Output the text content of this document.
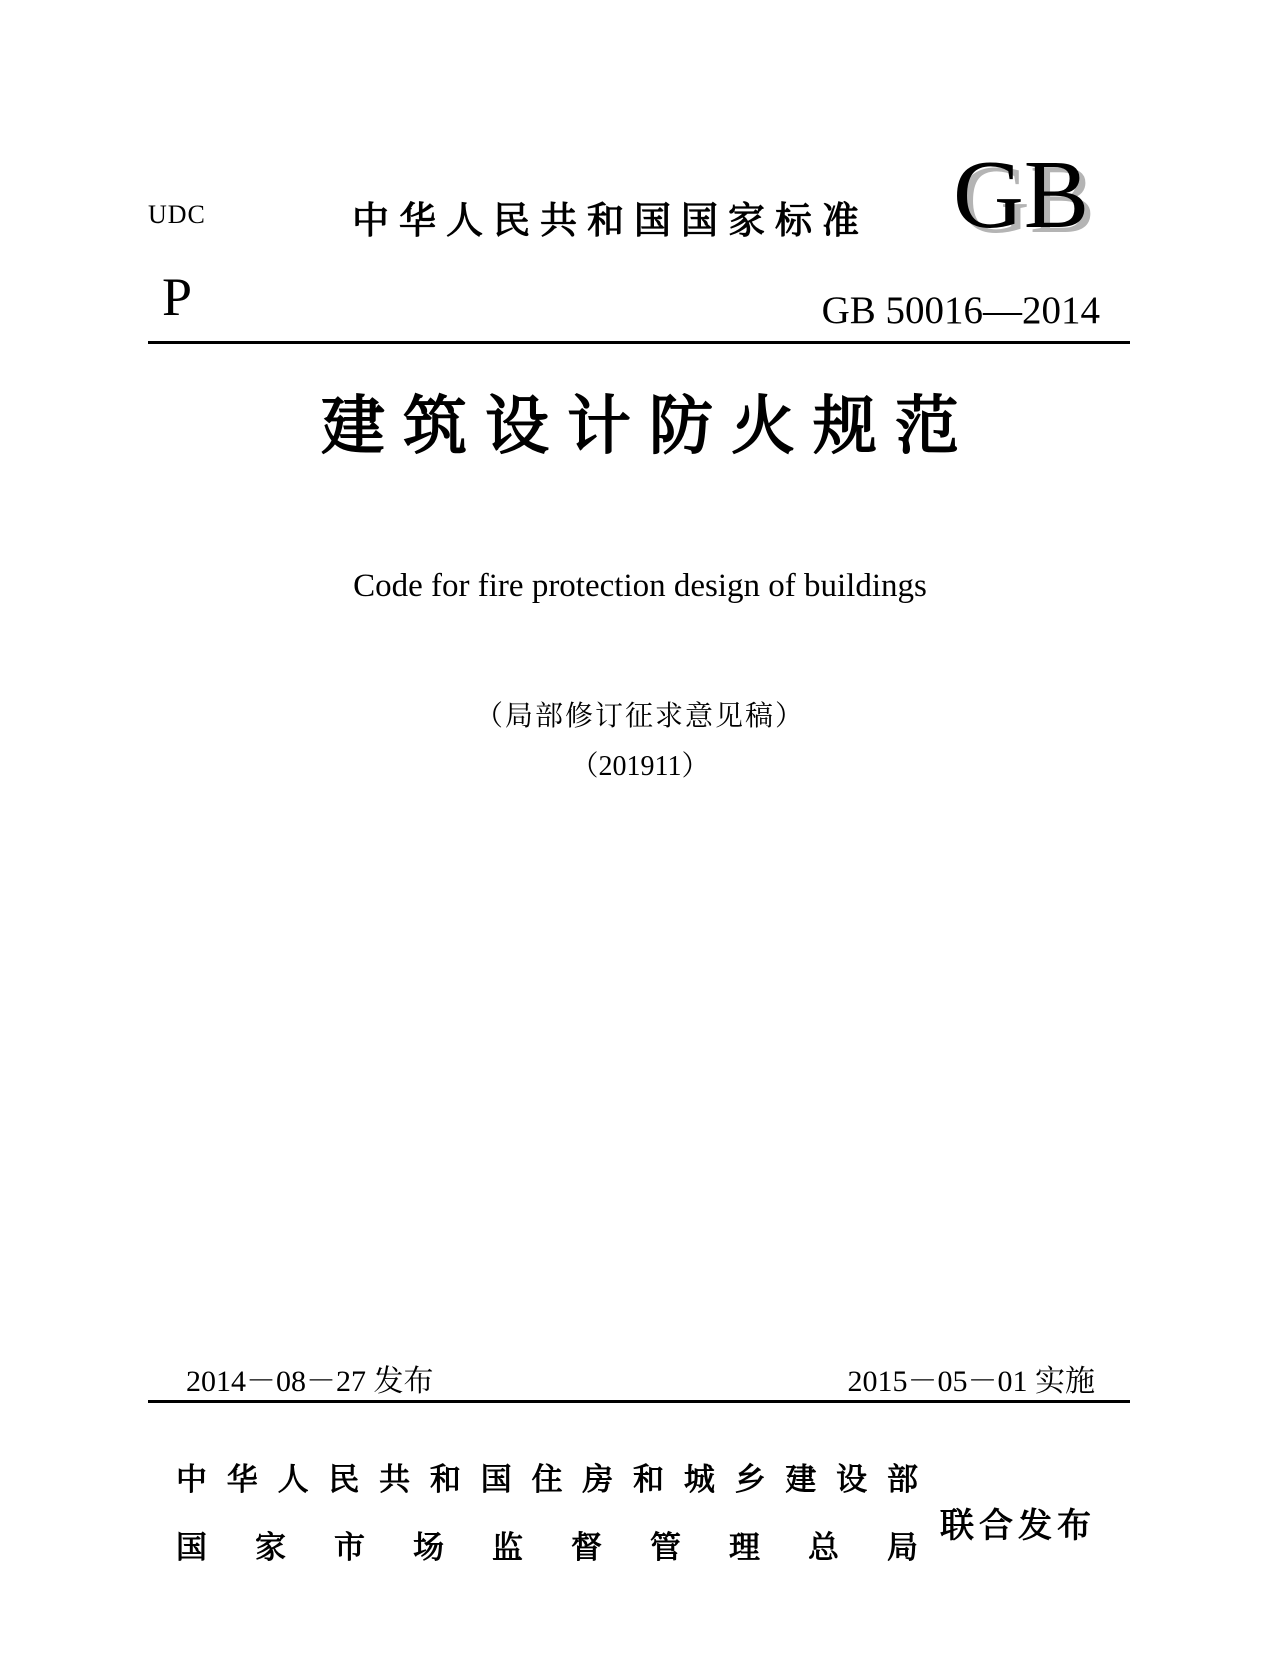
UDC	中华人民共和国国家标准 GB
P	GB 50016—2014
建筑设计防火规范
Code for fire protection design of buildings
（局部修订征求意见稿）
（201911）
2014－08－27 发布	2015－05－01 实施
中 华 人 民 共 和 国 住 房 和 城 乡 建 设 部
国 家 市 场 监 督 管 理 总 局
联合发布
